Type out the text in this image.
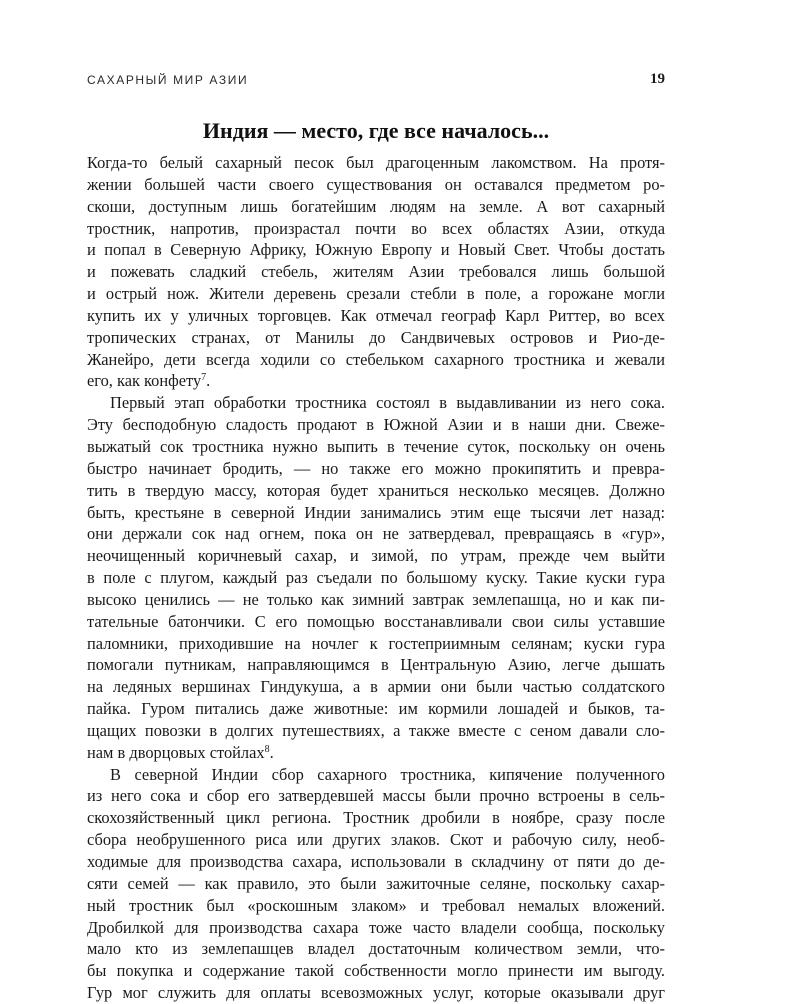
САХАРНЫЙ МИР АЗИИ	19
Индия — место, где все началось...
Когда-то белый сахарный песок был драгоценным лакомством. На протя-
жении большей части своего существования он оставался предметом ро-
скоши, доступным лишь богатейшим людям на земле. А вот сахарный
тростник, напротив, произрастал почти во всех областях Азии, откуда
и попал в Северную Африку, Южную Европу и Новый Свет. Чтобы достать
и пожевать сладкий стебель, жителям Азии требовался лишь большой
и острый нож. Жители деревень срезали стебли в поле, а горожане могли
купить их у уличных торговцев. Как отмечал географ Карл Риттер, во всех
тропических странах, от Манилы до Сандвичевых островов и Рио-де-
Жанейро, дети всегда ходили со стебельком сахарного тростника и жевали
его, как конфету$^7$.
Первый этап обработки тростника состоял в выдавливании из него сока.
Эту бесподобную сладость продают в Южной Азии и в наши дни. Свеже-
выжатый сок тростника нужно выпить в течение суток, поскольку он очень
быстро начинает бродить, — но также его можно прокипятить и превра-
тить в твердую массу, которая будет храниться несколько месяцев. Должно
быть, крестьяне в северной Индии занимались этим еще тысячи лет назад:
они держали сок над огнем, пока он не затвердевал, превращаясь в «гур»,
неочищенный коричневый сахар, и зимой, по утрам, прежде чем выйти
в поле с плугом, каждый раз съедали по большому куску. Такие куски гура
высоко ценились — не только как зимний завтрак землепашца, но и как пи-
тательные батончики. С его помощью восстанавливали свои силы уставшие
паломники, приходившие на ночлег к гостеприимным селянам; куски гура
помогали путникам, направляющимся в Центральную Азию, легче дышать
на ледяных вершинах Гиндукуша, а в армии они были частью солдатского
пайка. Гуром питались даже животные: им кормили лошадей и быков, та-
щащих повозки в долгих путешествиях, а также вместе с сеном давали сло-
нам в дворцовых стойлах$^8$.
В северной Индии сбор сахарного тростника, кипячение полученного
из него сока и сбор его затвердевшей массы были прочно встроены в сель-
скохозяйственный цикл региона. Тростник дробили в ноябре, сразу после
сбора необрушенного риса или других злаков. Скот и рабочую силу, необ-
ходимые для производства сахара, использовали в складчину от пяти до де-
сяти семей — как правило, это были зажиточные селяне, поскольку сахар-
ный тростник был «роскошным злаком» и требовал немалых вложений.
Дробилкой для производства сахара тоже часто владели сообща, поскольку
мало кто из землепашцев владел достаточным количеством земли, что-
бы покупка и содержание такой собственности могло принести им выгоду.
Гур мог служить для оплаты всевозможных услуг, которые оказывали друг
